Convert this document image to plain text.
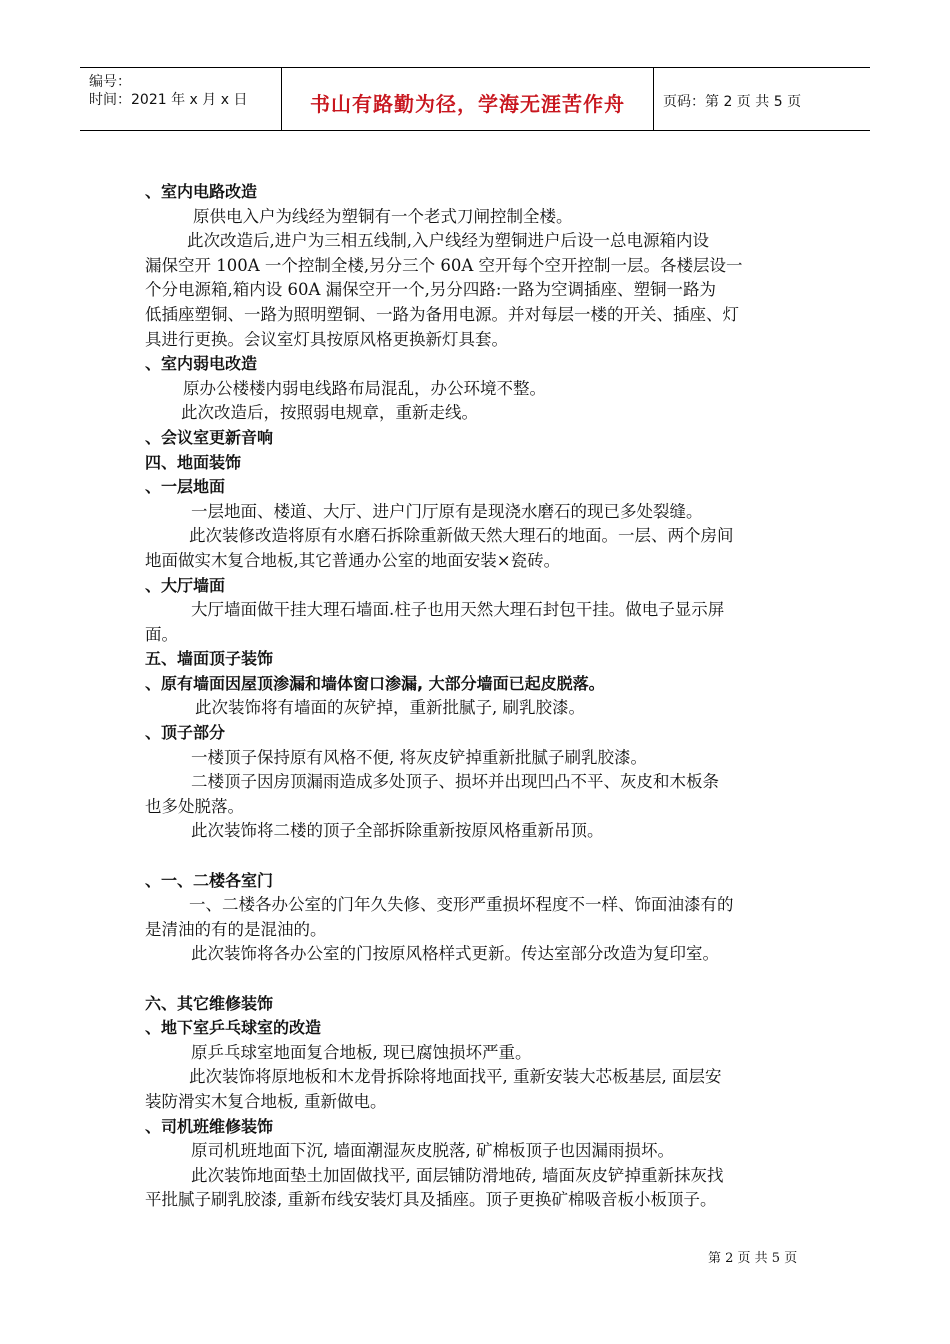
编号：
时间：2021 年 x 月 x 日	书山有路勤为径，学海无涯苦作舟	页码：第 2 页 共 5 页
、室内电路改造
原供电入户为线经为塑铜有一个老式刀闸控制全楼。
此次改造后,进户为三相五线制,入户线经为塑铜进户后设一总电源箱内设
漏保空开 100A 一个控制全楼,另分三个 60A 空开每个空开控制一层。各楼层设一
个分电源箱,箱内设 60A 漏保空开一个,另分四路:一路为空调插座、塑铜一路为
低插座塑铜、一路为照明塑铜、一路为备用电源。并对每层一楼的开关、插座、灯
具进行更换。会议室灯具按原风格更换新灯具套。
、室内弱电改造
原办公楼楼内弱电线路布局混乱，办公环境不整。
此次改造后，按照弱电规章，重新走线。
、会议室更新音响
四、地面装饰
、一层地面
一层地面、楼道、大厅、进户门厅原有是现浇水磨石的现已多处裂缝。
此次装修改造将原有水磨石拆除重新做天然大理石的地面。一层、两个房间
地面做实木复合地板,其它普通办公室的地面安装×瓷砖。
、大厅墙面
大厅墙面做干挂大理石墙面.柱子也用天然大理石封包干挂。做电子显示屏
面。
五、墙面顶子装饰
、原有墙面因屋顶渗漏和墙体窗口渗漏, 大部分墙面已起皮脱落。
此次装饰将有墙面的灰铲掉，重新批腻子, 刷乳胶漆。
、顶子部分
一楼顶子保持原有风格不便, 将灰皮铲掉重新批腻子刷乳胶漆。
二楼顶子因房顶漏雨造成多处顶子、损坏并出现凹凸不平、灰皮和木板条
也多处脱落。
此次装饰将二楼的顶子全部拆除重新按原风格重新吊顶。
、一、二楼各室门
一、二楼各办公室的门年久失修、变形严重损坏程度不一样、饰面油漆有的
是清油的有的是混油的。
此次装饰将各办公室的门按原风格样式更新。传达室部分改造为复印室。
六、其它维修装饰
、地下室乒乓球室的改造
原乒乓球室地面复合地板, 现已腐蚀损坏严重。
此次装饰将原地板和木龙骨拆除将地面找平, 重新安装大芯板基层, 面层安
装防滑实木复合地板, 重新做电。
、司机班维修装饰
原司机班地面下沉, 墙面潮湿灰皮脱落, 矿棉板顶子也因漏雨损坏。
此次装饰地面垫土加固做找平, 面层铺防滑地砖, 墙面灰皮铲掉重新抹灰找
平批腻子刷乳胶漆, 重新布线安装灯具及插座。顶子更换矿棉吸音板小板顶子。
第 2 页 共 5 页
